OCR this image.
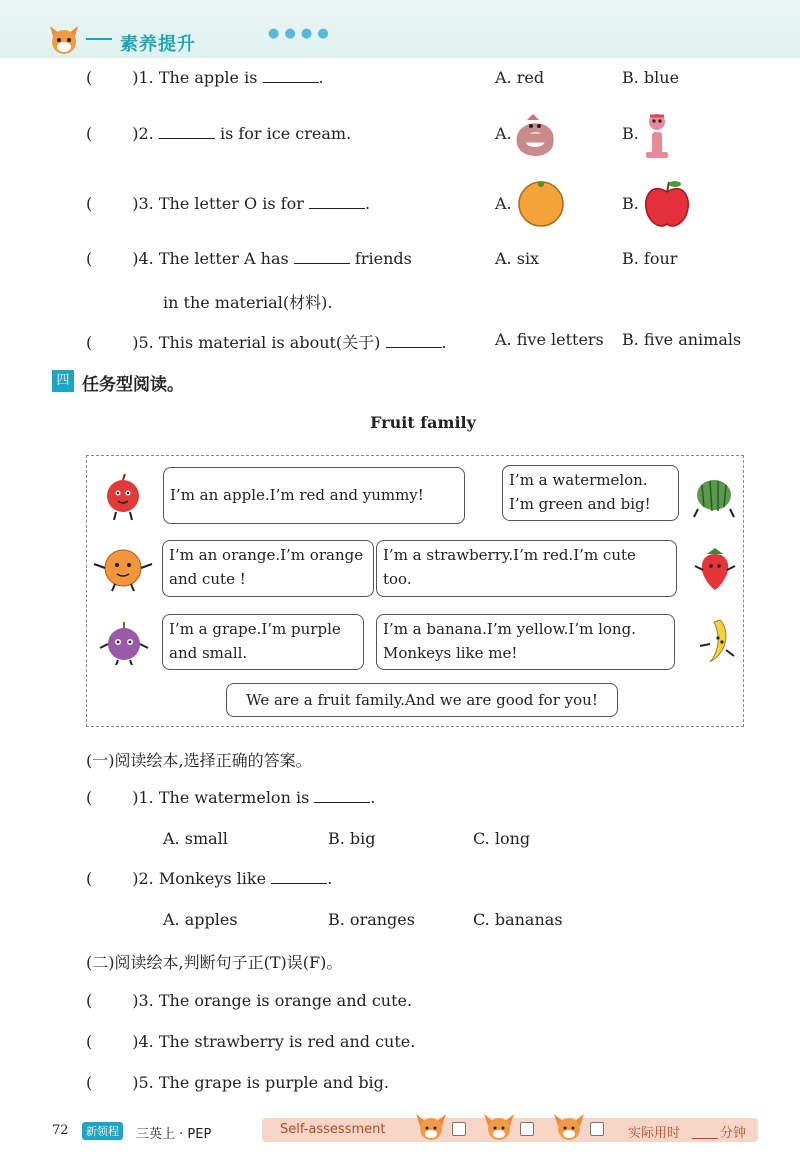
素养提升
● ● ● ●
(	)1. The apple is	.	A. red	B. blue
(	)2.	is for ice cream.	A.	B.
(	)3. The letter O is for	.	A.	B.
(	)4. The letter A has	friends
in the material(材料).
A. six	B. four
(	)5. This material is about(关于)	.	A. five letters B. five animals
四 任务型阅读。
Fruit family
I’m an apple.I’m red and yummy!
I’m a watermelon.
I’m green and big!
I’m an orange.I’m orange
and cute !
I’m a strawberry.I’m red.I’m cute
too.
I’m a grape.I’m purple
and small.
I’m a banana.I’m yellow.I’m long.
Monkeys like me!
We are a fruit family.And we are good for you!
(一)阅读绘本,选择正确的答案。
(	)1. The watermelon is	.
A. small	B. big	C. long
(	)2. Monkeys like	.
A. apples	B. oranges	C. bananas
(二)阅读绘本,判断句子正(T)误(F)。
(	)3. The orange is orange and cute.
(	)4. The strawberry is red and cute.
(	)5. The grape is purple and big.
72	新领程	三英上 · PEP	Self-assessment	实际用时	分钟
